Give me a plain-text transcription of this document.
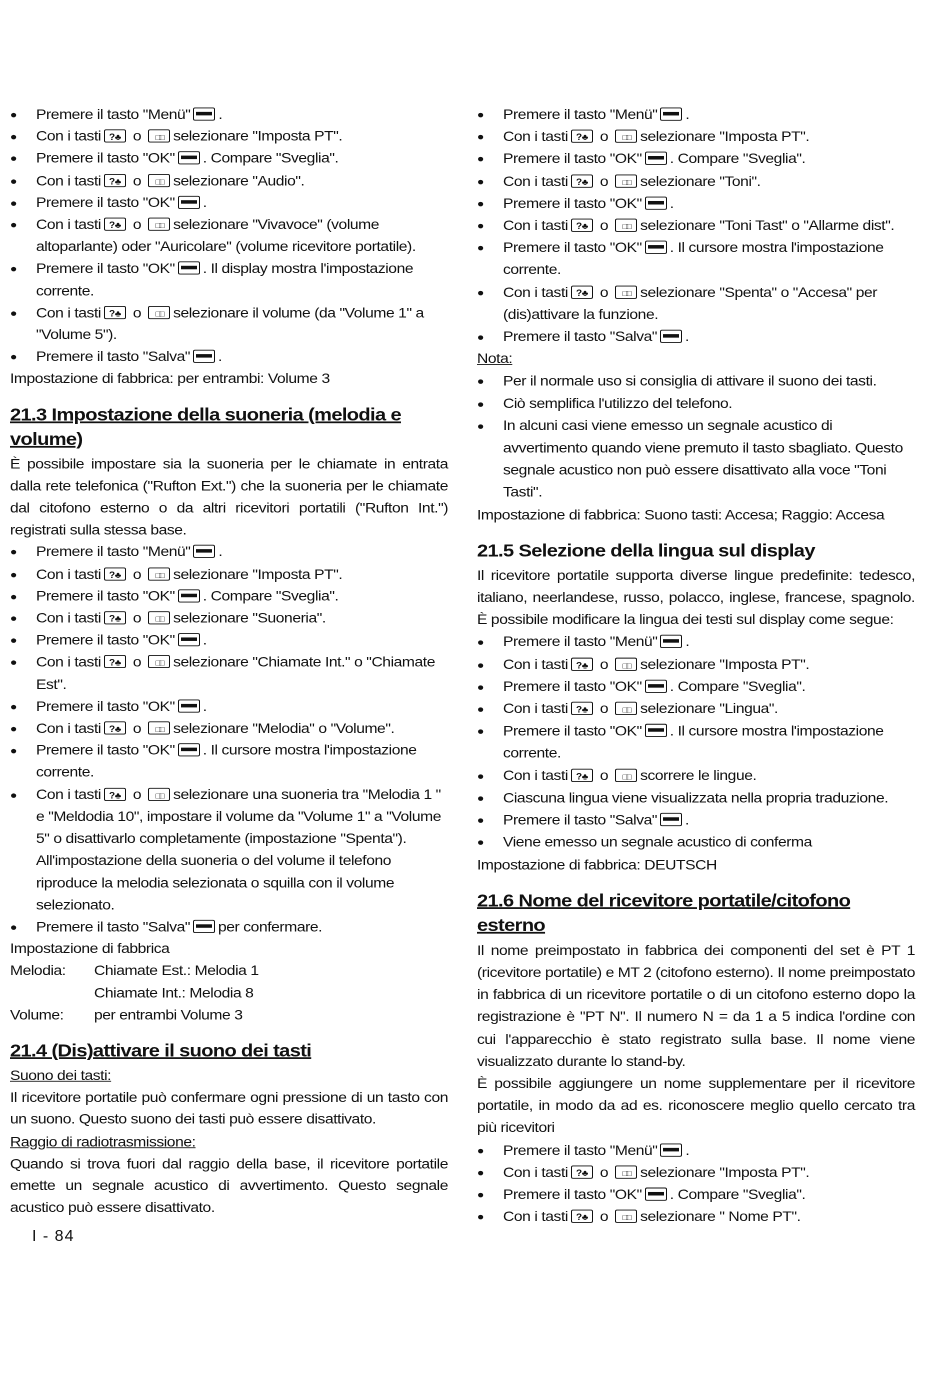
● Premere il tasto "Menü" .
● Con i tasti?♣ o □□selezionare "Imposta PT".
● Premere il tasto "OK" . Compare "Sveglia".
● Con i tasti?♣ o □□selezionare "Audio".
● Premere il tasto "OK" .
● Con i tasti?♣ o □□selezionare "Vivavoce" (volume altoparlante) oder "Auricolare" (volume ricevitore portatile).
● Premere il tasto "OK" . Il display mostra l'impostazione corrente.
● Con i tasti?♣ o □□selezionare il volume (da "Volume 1" a "Volume 5").
● Premere il tasto "Salva" .

Impostazione di fabbrica: per entrambi: Volume 3

21.3 Impostazione della suoneria (melodia e volume)

È possibile impostare sia la suoneria per le chiamate in entrata dalla rete telefonica ("Rufton Ext.") che la suoneria per le chiamate dal citofono esterno o da altri ricevitori portatili ("Rufton Int.") registrati sulla stessa base.

● Premere il tasto "Menü" .
● Con i tasti?♣ o □□selezionare "Imposta PT".
● Premere il tasto "OK" . Compare "Sveglia".
● Con i tasti?♣ o □□selezionare "Suoneria".
● Premere il tasto "OK" .
● Con i tasti?♣ o □□selezionare "Chiamate Int." o "Chiamate Est".
● Premere il tasto "OK" .
● Con i tasti?♣ o □□selezionare "Melodia" o "Volume".
● Premere il tasto "OK" . Il cursore mostra l'impostazione corrente.
● Con i tasti?♣ o □□selezionare una suoneria tra "Melodia 1 " e "Meldodia 10", impostare il volume da "Volume 1" a "Volume 5" o disattivarlo completamente (impostazione "Spenta"). All'impostazione della suoneria o del volume il telefono riproduce la melodia selezionata o squilla con il volume selezionato.
● Premere il tasto "Salva" per confermare.

Impostazione di fabbrica

Melodia:	Chiamate Est.: Melodia 1
Chiamate Int.: Melodia 8
Volume:	per entrambi Volume 3
21.4 (Dis)attivare il suono dei tasti

Suono dei tasti:

Il ricevitore portatile può confermare ogni pressione di un tasto con un suono. Questo suono dei tasti può essere disattivato.

Raggio di radiotrasmissione:

Quando si trova fuori dal raggio della base, il ricevitore portatile emette un segnale acustico di avvertimento. Questo segnale acustico può essere disattivato.

● Premere il tasto "Menü" .
● Con i tasti?♣ o □□selezionare "Imposta PT".
● Premere il tasto "OK" . Compare "Sveglia".
● Con i tasti?♣ o □□selezionare "Toni".
● Premere il tasto "OK" .
● Con i tasti?♣ o □□selezionare "Toni Tast" o "Allarme dist".
● Premere il tasto "OK" . Il cursore mostra l'impostazione corrente.
● Con i tasti?♣ o □□selezionare "Spenta" o "Accesa" per (dis)attivare la funzione.
● Premere il tasto "Salva" .

Nota:

● Per il normale uso si consiglia di attivare il suono dei tasti.
● Ciò semplifica l'utilizzo del telefono.
● In alcuni casi viene emesso un segnale acustico di avvertimento quando viene premuto il tasto sbagliato. Questo segnale acustico non può essere disattivato alla voce "Toni Tasti".

Impostazione di fabbrica: Suono tasti: Accesa; Raggio: Accesa

21.5 Selezione della lingua sul display

Il ricevitore portatile supporta diverse lingue predefinite: tedesco, italiano, neerlandese, russo, polacco, inglese, francese, spagnolo. È possibile modificare la lingua dei testi sul display come segue:

● Premere il tasto "Menü" .
● Con i tasti?♣ o □□selezionare "Imposta PT".
● Premere il tasto "OK" . Compare "Sveglia".
● Con i tasti?♣ o □□selezionare "Lingua".
● Premere il tasto "OK" . Il cursore mostra l'impostazione corrente.
● Con i tasti?♣ o □□scorrere le lingue.
● Ciascuna lingua viene visualizzata nella propria traduzione.
● Premere il tasto "Salva" .
● Viene emesso un segnale acustico di conferma

Impostazione di fabbrica: DEUTSCH

21.6 Nome del ricevitore portatile/citofono esterno

Il nome preimpostato in fabbrica dei componenti del set è PT 1 (ricevitore portatile) e MT 2 (citofono esterno). Il nome preimpostato in fabbrica di un ricevitore portatile o di un citofono esterno dopo la registrazione è "PT N". Il numero N = da 1 a 5 indica l'ordine con cui l'apparecchio è stato registrato sulla base. Il nome viene visualizzato durante lo stand-by.

È possibile aggiungere un nome supplementare per il ricevitore portatile, in modo da ad es. riconoscere meglio quello cercato tra più ricevitori

● Premere il tasto "Menü" .
● Con i tasti?♣ o □□selezionare "Imposta PT".
● Premere il tasto "OK" . Compare "Sveglia".
● Con i tasti?♣ o □□selezionare " Nome PT".
I - 84
